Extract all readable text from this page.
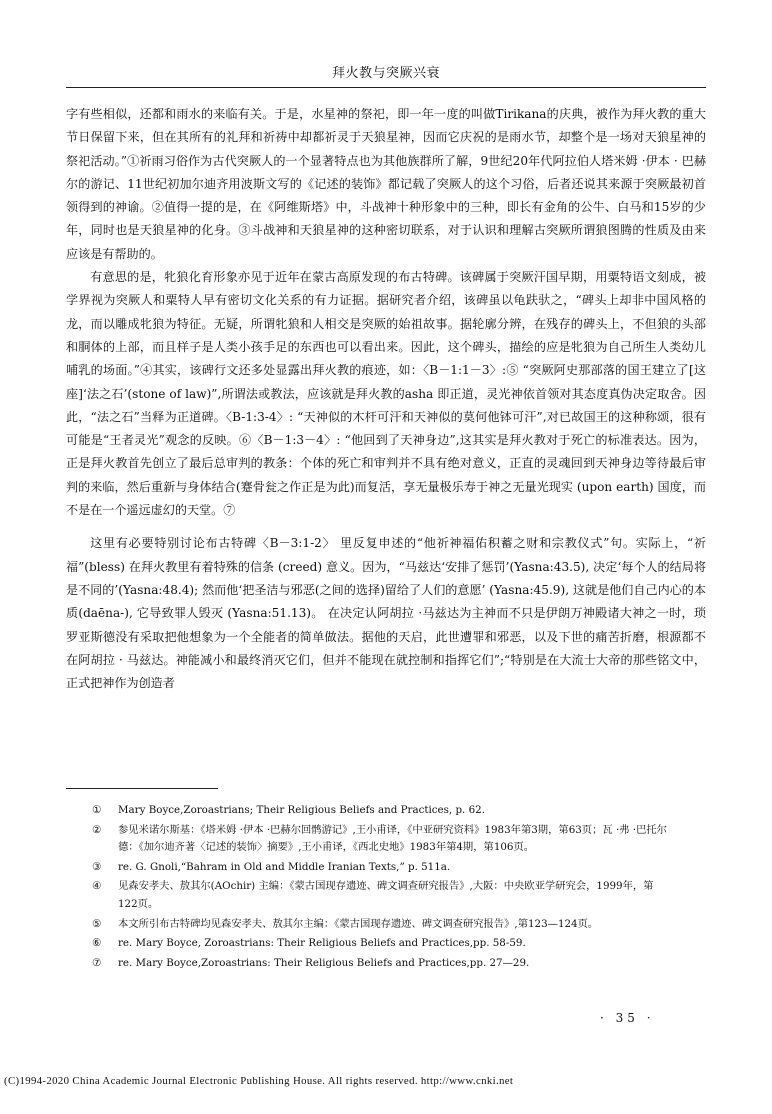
拜火教与突厥兴衰

字有些相似，还都和雨水的来临有关。于是，水星神的祭祀，即一年一度的叫做Tirikana的庆典，被作为拜火教的重大节日保留下来，但在其所有的礼拜和祈祷中却都祈灵于天狼星神，因而它庆祝的是雨水节，却整个是一场对天狼星神的祭祀活动。”①祈雨习俗作为古代突厥人的一个显著特点也为其他族群所了解，9世纪20年代阿拉伯人塔米姆 ·伊本 · 巴赫尔的游记、11世纪初加尔迪齐用波斯文写的《记述的装饰》都记载了突厥人的这个习俗，后者还说其来源于突厥最初首领得到的神谕。②值得一提的是，在《阿维斯塔》中，斗战神十种形象中的三种，即长有金角的公牛、白马和15岁的少年，同时也是天狼星神的化身。③斗战神和天狼星神的这种密切联系，对于认识和理解古突厥所谓狼图腾的性质及由来应该是有帮助的。

有意思的是，牝狼化育形象亦见于近年在蒙古高原发现的布古特碑。该碑属于突厥汗国早期，用粟特语文刻成，被学界视为突厥人和粟特人早有密切文化关系的有力证据。据研究者介绍，该碑虽以龟趺驮之，“碑头上却非中国风格的龙，而以雕成牝狼为特征。无疑，所谓牝狼和人相交是突厥的始祖故事。据轮廓分辨，在残存的碑头上，不但狼的头部和胴体的上部，而且样子是人类小孩手足的东西也可以看出来。因此，这个碑头，描绘的应是牝狼为自己所生人类幼儿哺乳的场面。”④其实，该碑行文还多处显露出拜火教的痕迹，如：〈B－1:1－3〉:⑤ “突厥阿史那部落的国王建立了[这座]‘法之石’(stone of law)”,所谓法或教法，应该就是拜火教的asha 即正道，灵光神依首领对其态度真伪决定取舍。因此，“法之石”当释为正道碑。〈B-1:3-4〉: “天神似的木杆可汗和天神似的莫何他钵可汗”,对已故国王的这种称颂，很有可能是“王者灵光”观念的反映。⑥〈B－1:3－4〉: “他回到了天神身边”,这其实是拜火教对于死亡的标准表达。因为，正是拜火教首先创立了最后总审判的教条：个体的死亡和审判并不具有绝对意义，正直的灵魂回到天神身边等待最后审判的来临，然后重新与身体结合(蹇骨瓮之作正是为此)而复活，享无量极乐寿于神之无量光现实 (upon earth) 国度，而不是在一个遥远虚幻的天堂。⑦

这里有必要特别讨论布古特碑〈B－3:1-2〉 里反复申述的“他祈神福佑积蓄之财和宗教仪式”句。实际上，“祈福”(bless) 在拜火教里有着特殊的信条 (creed) 意义。因为，“马兹达‘安排了惩罚’(Yasna:43.5), 决定‘每个人的结局将是不同的’(Yasna:48.4); 然而他‘把圣洁与邪恶(之间的选择)留给了人们的意愿’ (Yasna:45.9), 这就是他们自己内心的本质(daēna-), 它导致罪人毁灭 (Yasna:51.13)。 在决定认阿胡拉 ·马兹达为主神而不只是伊朗万神殿诸大神之一时，琐罗亚斯德没有采取把他想象为一个全能者的简单做法。据他的天启，此世遭罪和邪恶，以及下世的痛苦折磨，根源都不在阿胡拉 · 马兹达。神能减小和最终消灭它们，但并不能现在就控制和指挥它们”;“特别是在大流士大帝的那些铭文中，正式把神作为创造者

①	Mary Boyce,Zoroastrians; Their Religious Beliefs and Practices, p. 62.
②	参见米诺尔斯基：《塔米姆 ·伊本 ·巴赫尔回鹘游记》,王小甫译，《中亚研究资料》1983年第3期，第63页；瓦 ·弗 ·巴托尔德：《加尔迪齐著〈记述的装饰〉摘要》,王小甫译，《西北史地》1983年第4期，第106页。
③	re. G. Gnoli,“Bahram in Old and Middle Iranian Texts,” p. 511a.
④	见森安孝夫、敖其尔(AOchir) 主编：《蒙古国现存遗迹、碑文调查研究报告》,大阪：中央欧亚学研究会，1999年，第122页。
⑤	本文所引布古特碑均见森安孝夫、敖其尔主编：《蒙古国现存遗迹、碑文调查研究报告》,第123—124页。
⑥	re. Mary Boyce, Zoroastrians: Their Religious Beliefs and Practices,pp. 58-59.
⑦	re. Mary Boyce,Zoroastrians: Their Religious Beliefs and Practices,pp. 27—29.
· 35 ·
(C)1994-2020 China Academic Journal Electronic Publishing House. All rights reserved. http://www.cnki.net
